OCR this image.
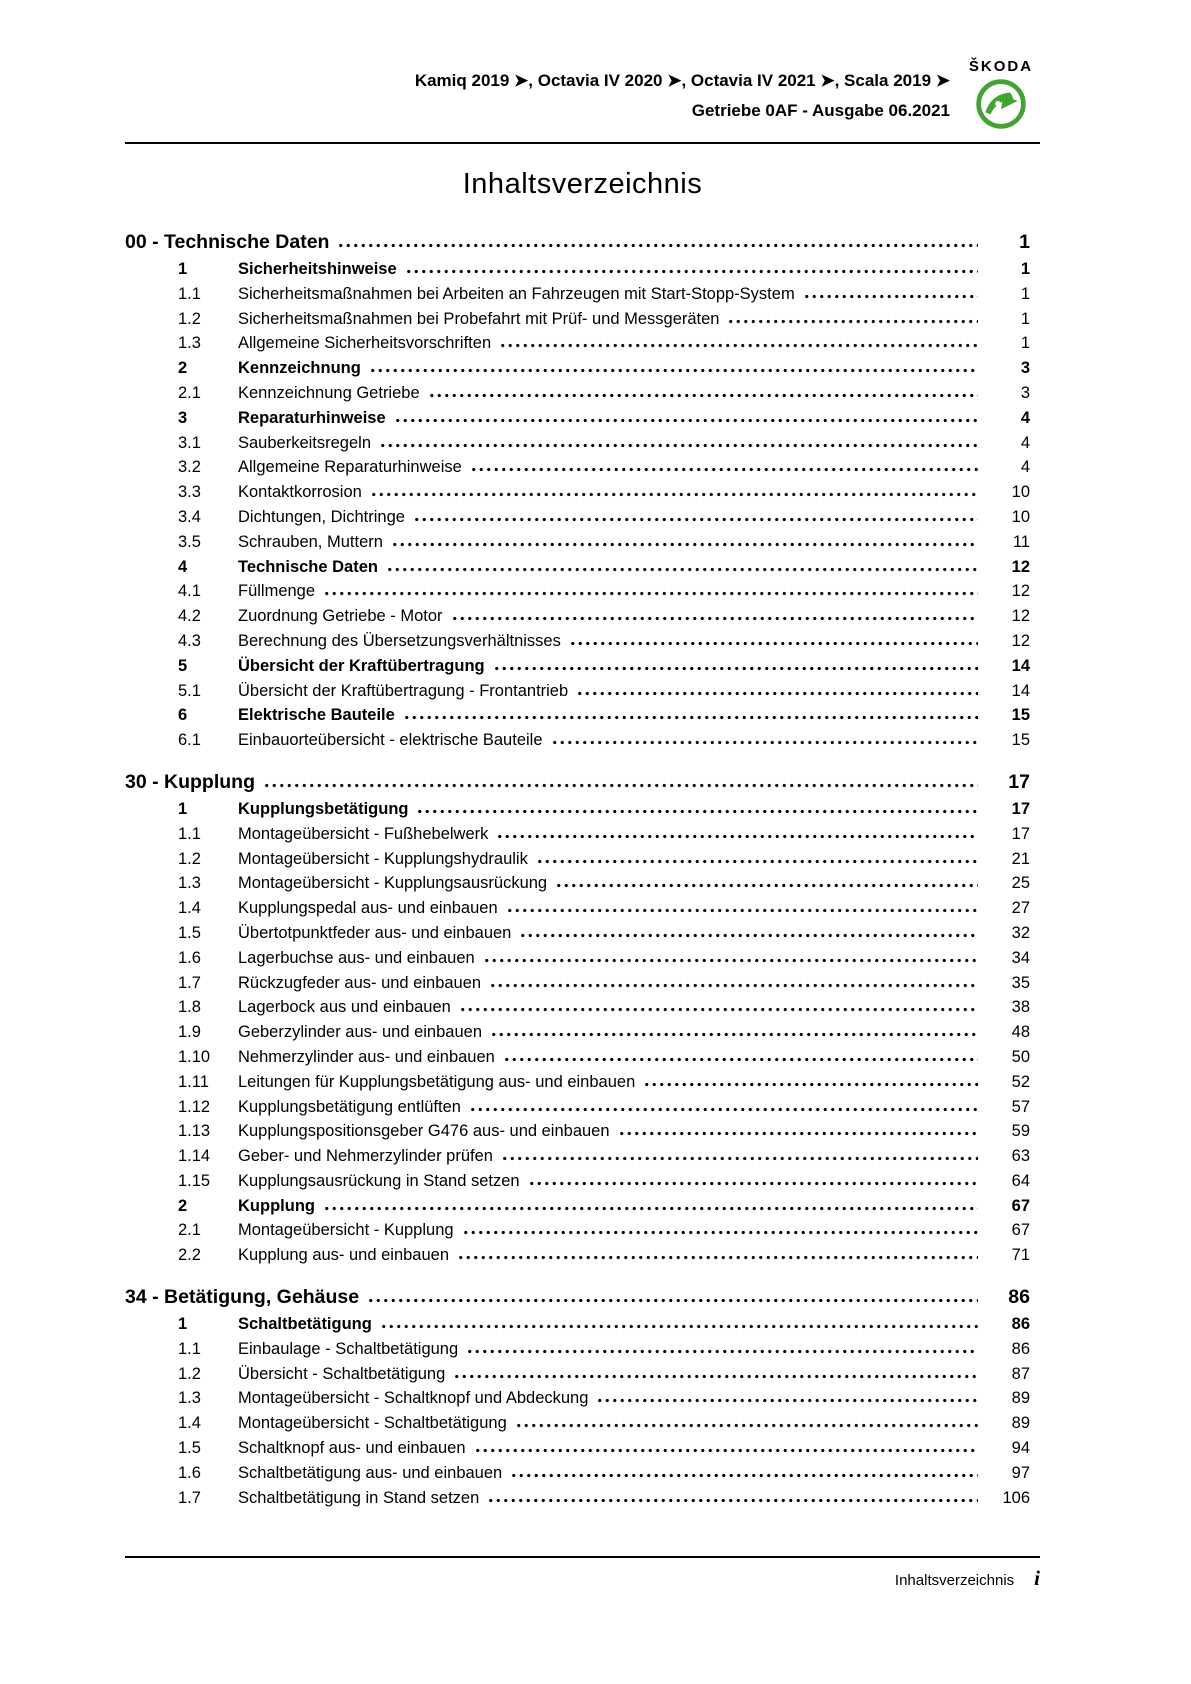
Kamiq 2019 ➤, Octavia IV 2020 ➤, Octavia IV 2021 ➤, Scala 2019 ➤
Getriebe 0AF - Ausgabe 06.2021
ŠKODA
Inhaltsverzeichnis
00 - Technische Daten	1
1	Sicherheitshinweise	1
1.1	Sicherheitsmaßnahmen bei Arbeiten an Fahrzeugen mit Start-Stopp-System	1
1.2	Sicherheitsmaßnahmen bei Probefahrt mit Prüf- und Messgeräten	1
1.3	Allgemeine Sicherheitsvorschriften	1
2	Kennzeichnung	3
2.1	Kennzeichnung Getriebe	3
3	Reparaturhinweise	4
3.1	Sauberkeitsregeln	4
3.2	Allgemeine Reparaturhinweise	4
3.3	Kontaktkorrosion	10
3.4	Dichtungen, Dichtringe	10
3.5	Schrauben, Muttern	11
4	Technische Daten	12
4.1	Füllmenge	12
4.2	Zuordnung Getriebe - Motor	12
4.3	Berechnung des Übersetzungsverhältnisses	12
5	Übersicht der Kraftübertragung	14
5.1	Übersicht der Kraftübertragung - Frontantrieb	14
6	Elektrische Bauteile	15
6.1	Einbauorteübersicht - elektrische Bauteile	15
30 - Kupplung	17
1	Kupplungsbetätigung	17
1.1	Montageübersicht - Fußhebelwerk	17
1.2	Montageübersicht - Kupplungshydraulik	21
1.3	Montageübersicht - Kupplungsausrückung	25
1.4	Kupplungspedal aus- und einbauen	27
1.5	Übertotpunktfeder aus- und einbauen	32
1.6	Lagerbuchse aus- und einbauen	34
1.7	Rückzugfeder aus- und einbauen	35
1.8	Lagerbock aus und einbauen	38
1.9	Geberzylinder aus- und einbauen	48
1.10	Nehmerzylinder aus- und einbauen	50
1.11	Leitungen für Kupplungsbetätigung aus- und einbauen	52
1.12	Kupplungsbetätigung entlüften	57
1.13	Kupplungspositionsgeber G476 aus- und einbauen	59
1.14	Geber- und Nehmerzylinder prüfen	63
1.15	Kupplungsausrückung in Stand setzen	64
2	Kupplung	67
2.1	Montageübersicht - Kupplung	67
2.2	Kupplung aus- und einbauen	71
34 - Betätigung, Gehäuse	86
1	Schaltbetätigung	86
1.1	Einbaulage - Schaltbetätigung	86
1.2	Übersicht - Schaltbetätigung	87
1.3	Montageübersicht - Schaltknopf und Abdeckung	89
1.4	Montageübersicht - Schaltbetätigung	89
1.5	Schaltknopf aus- und einbauen	94
1.6	Schaltbetätigung aus- und einbauen	97
1.7	Schaltbetätigung in Stand setzen	106
Inhaltsverzeichnis i
